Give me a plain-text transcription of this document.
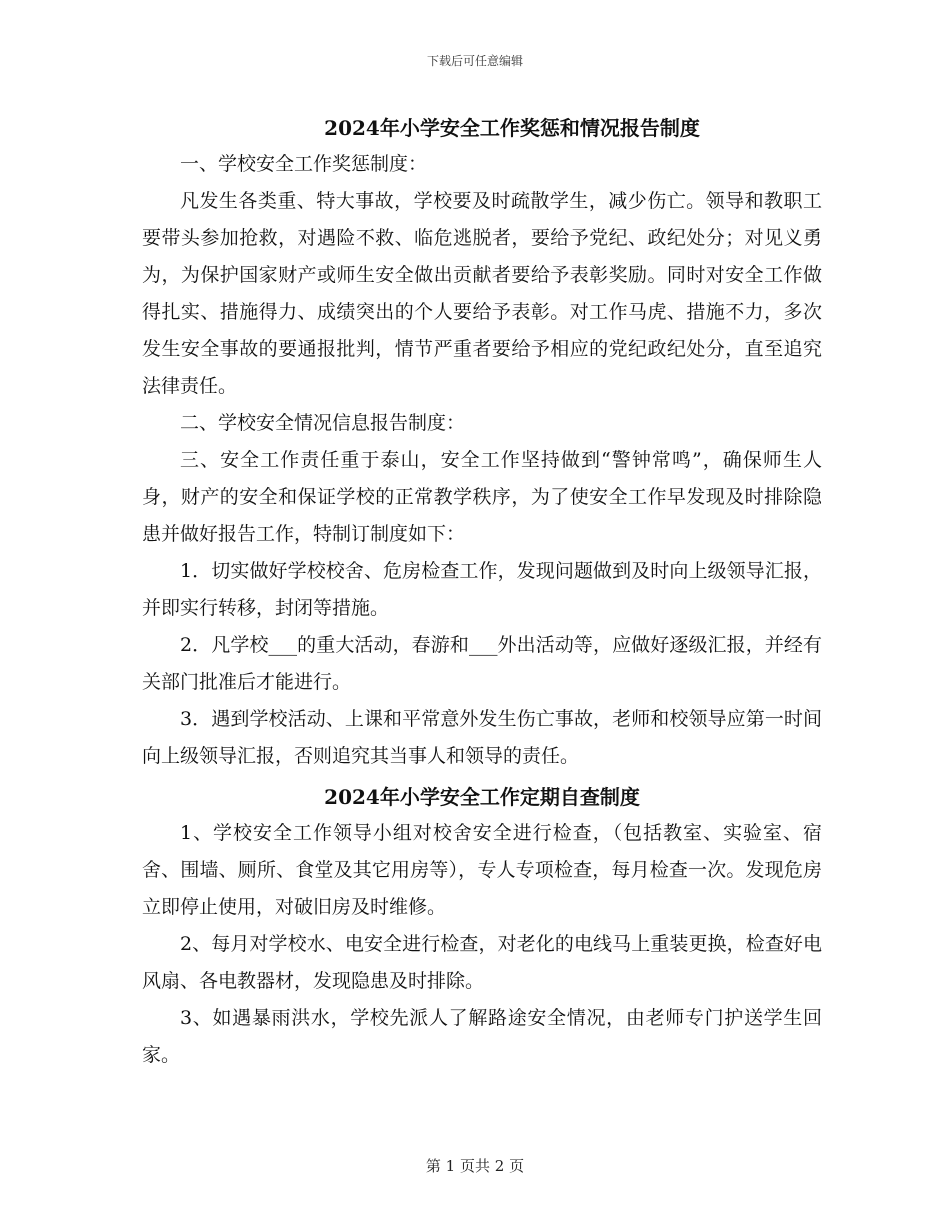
下载后可任意编辑
2024年小学安全工作奖惩和情况报告制度

一、学校安全工作奖惩制度：

凡发生各类重、特大事故，学校要及时疏散学生，减少伤亡。领导和教职工要带头参加抢救，对遇险不救、临危逃脱者，要给予党纪、政纪处分；对见义勇为，为保护国家财产或师生安全做出贡献者要给予表彰奖励。同时对安全工作做得扎实、措施得力、成绩突出的个人要给予表彰。对工作马虎、措施不力，多次发生安全事故的要通报批判，情节严重者要给予相应的党纪政纪处分，直至追究法律责任。

二、学校安全情况信息报告制度：

三、安全工作责任重于泰山，安全工作坚持做到“警钟常鸣”，确保师生人身，财产的安全和保证学校的正常教学秩序，为了使安全工作早发现及时排除隐患并做好报告工作，特制订制度如下：

1．切实做好学校校舍、危房检查工作，发现问题做到及时向上级领导汇报，并即实行转移，封闭等措施。

2．凡学校___的重大活动，春游和___外出活动等，应做好逐级汇报，并经有关部门批准后才能进行。

3．遇到学校活动、上课和平常意外发生伤亡事故，老师和校领导应第一时间向上级领导汇报，否则追究其当事人和领导的责任。

2024年小学安全工作定期自查制度

1、学校安全工作领导小组对校舍安全进行检查，（包括教室、实验室、宿舍、围墙、厕所、食堂及其它用房等），专人专项检查，每月检查一次。发现危房立即停止使用，对破旧房及时维修。

2、每月对学校水、电安全进行检查，对老化的电线马上重装更换，检查好电风扇、各电教器材，发现隐患及时排除。

3、如遇暴雨洪水，学校先派人了解路途安全情况，由老师专门护送学生回家。

第 1 页共 2 页
